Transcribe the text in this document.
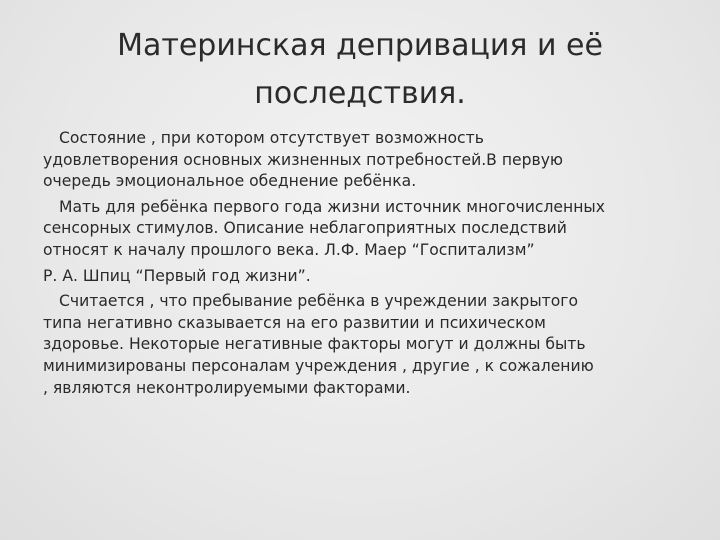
Материнская депривация и её
последствия.
Состояние , при котором отсутствует возможность
удовлетворения основных жизненных потребностей.В первую
очередь эмоциональное обеднение ребёнка.
Мать для ребёнка первого года жизни источник многочисленных
сенсорных стимулов. Описание неблагоприятных последствий
относят к началу прошлого века. Л.Ф. Маер “Госпитализм”
Р. А. Шпиц “Первый год жизни”.
Считается , что пребывание ребёнка в учреждении закрытого
типа негативно сказывается на его развитии и психическом
здоровье. Некоторые негативные факторы могут и должны быть
минимизированы персоналам учреждения , другие , к сожалению
, являются неконтролируемыми факторами.
